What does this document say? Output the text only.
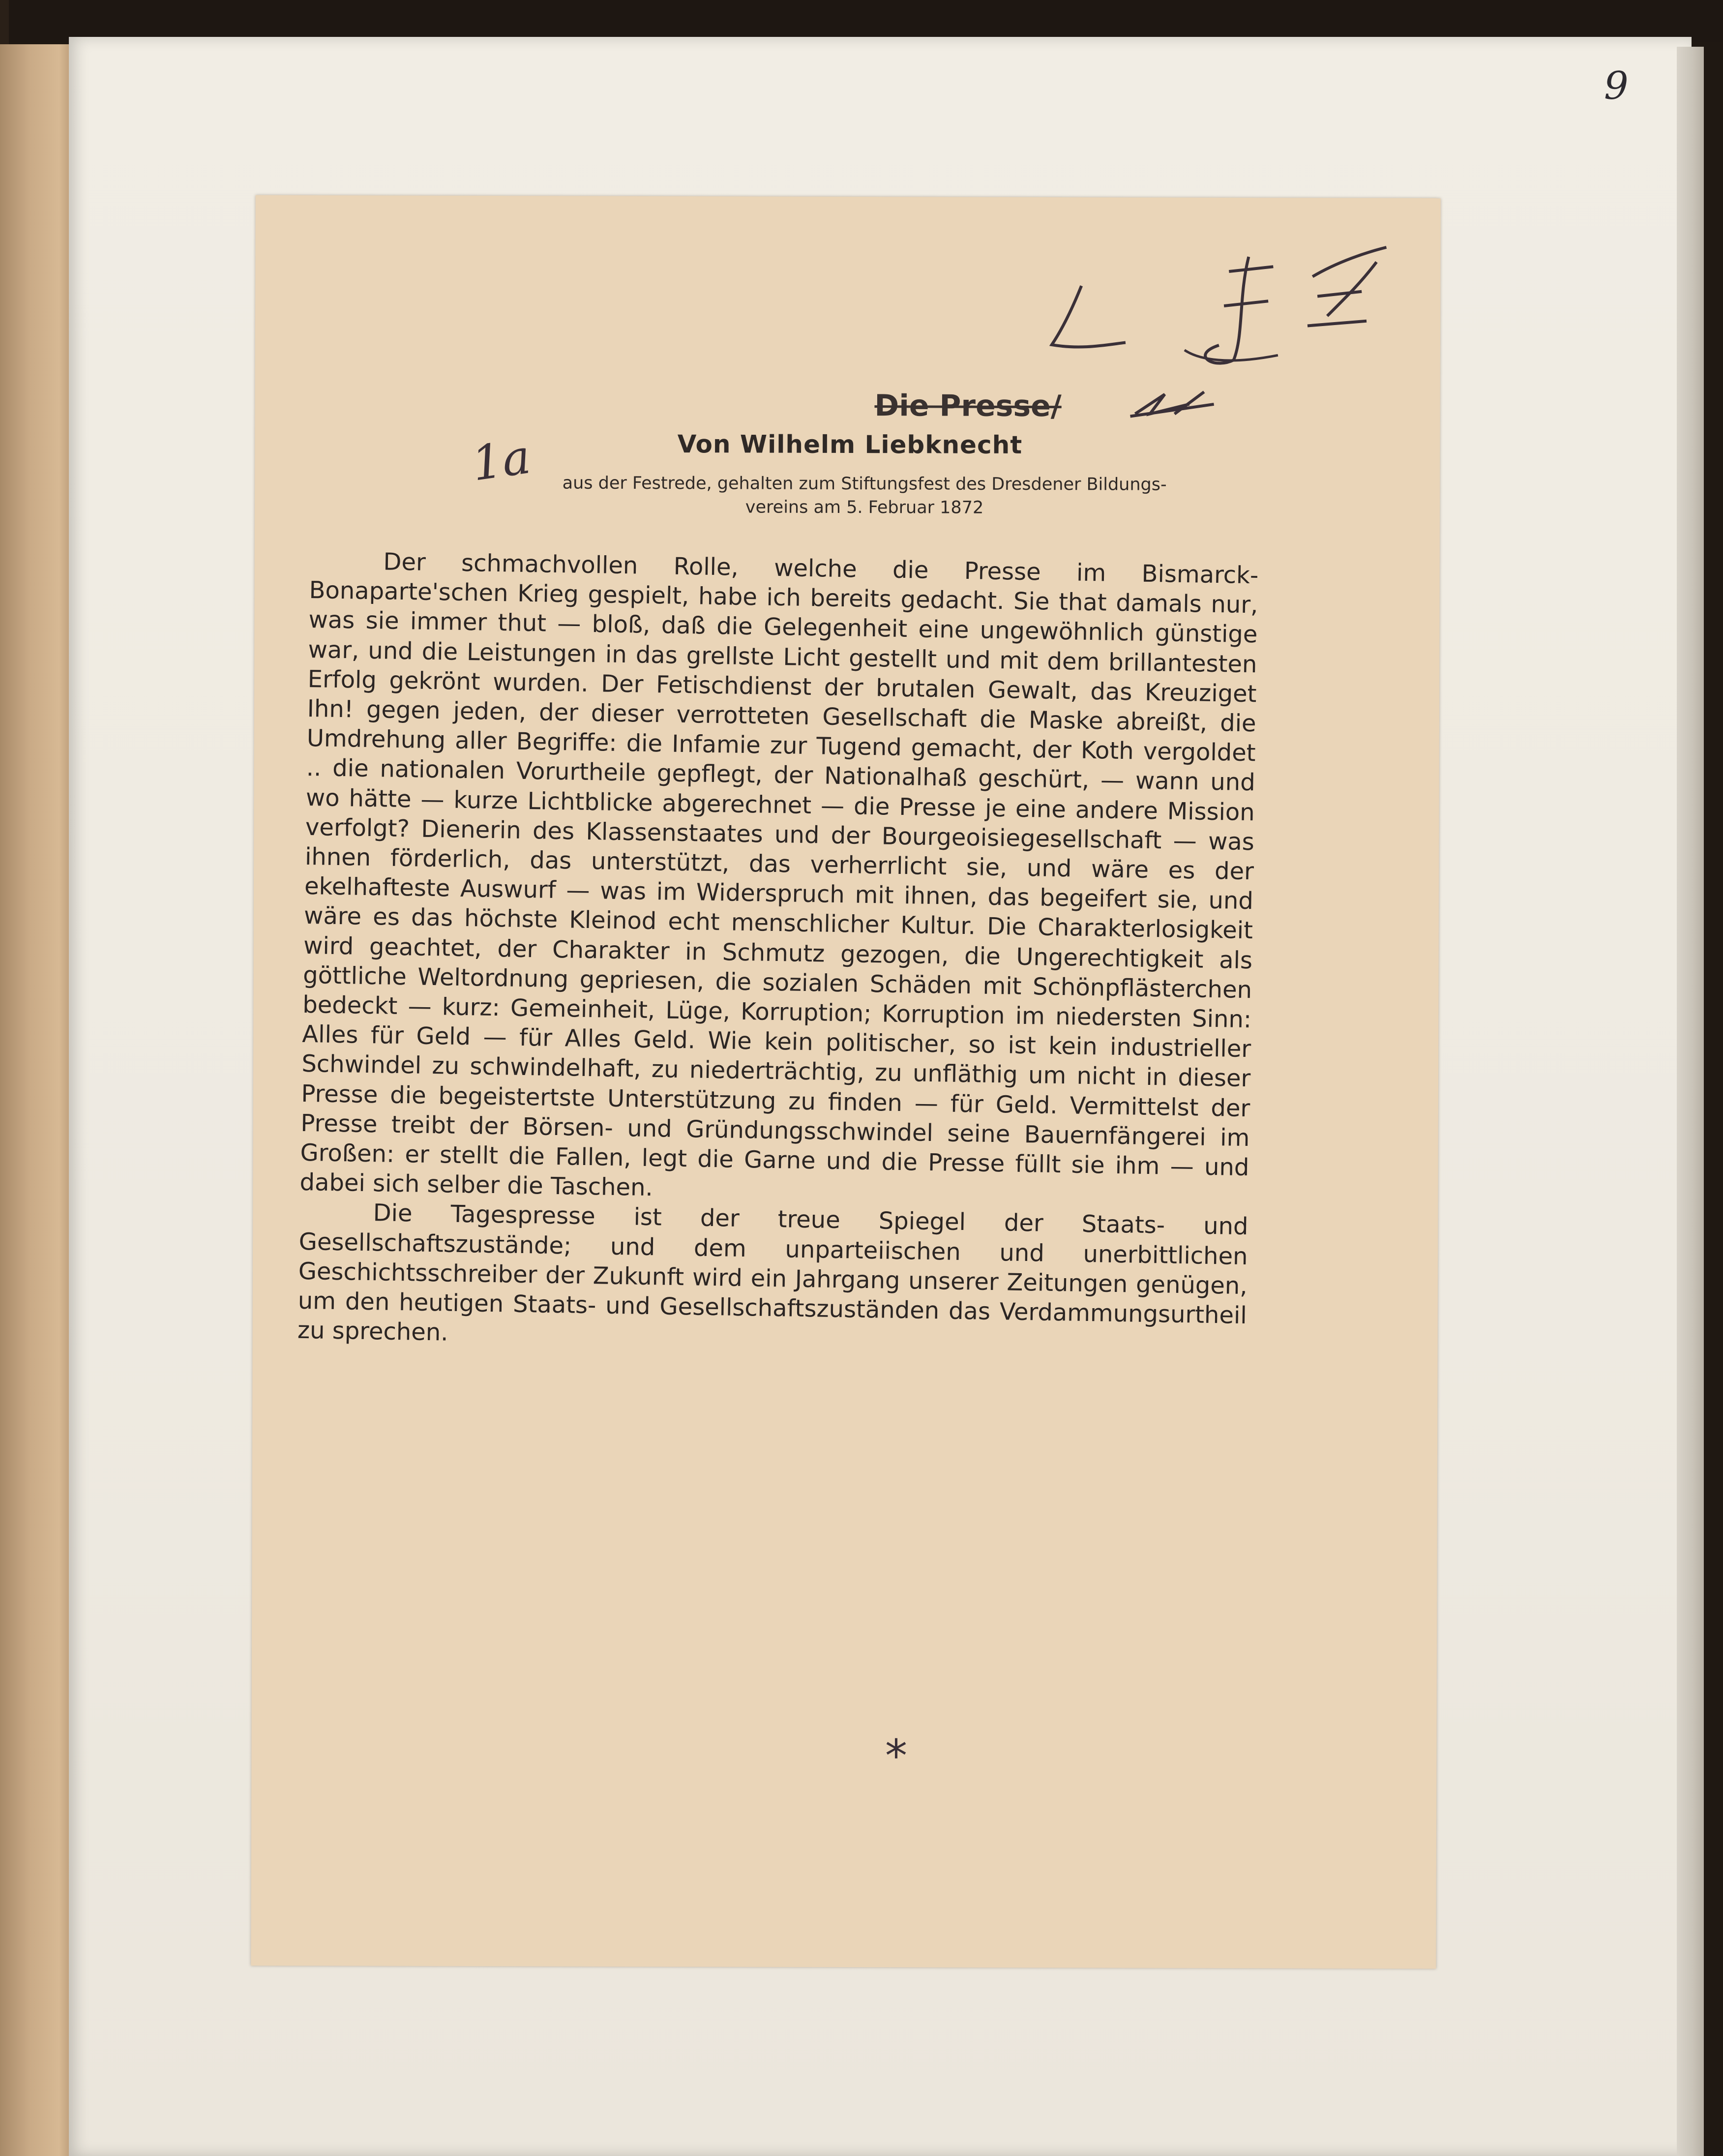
9
Die Presse/
Von Wilhelm Liebknecht
aus der Festrede, gehalten zum Stiftungsfest des Dresdener Bildungs-
vereins am 5. Februar 1872
1a

Der schmachvollen Rolle, welche die Presse im Bismarck-Bonaparte'schen Krieg gespielt, habe ich bereits gedacht. Sie that damals nur, was sie immer thut — bloß, daß die Gelegenheit eine ungewöhnlich günstige war, und die Leistungen in das grellste Licht gestellt und mit dem brillantesten Erfolg gekrönt wurden. Der Fetischdienst der brutalen Gewalt, das Kreuziget Ihn! gegen jeden, der dieser verrotteten Gesellschaft die Maske abreißt, die Umdrehung aller Begriffe: die Infamie zur Tugend gemacht, der Koth vergoldet .. die nationalen Vorurtheile gepflegt, der Nationalhaß geschürt, — wann und wo hätte — kurze Lichtblicke abgerechnet — die Presse je eine andere Mission verfolgt? Dienerin des Klassenstaates und der Bourgeoisiegesellschaft — was ihnen förderlich, das unterstützt, das verherrlicht sie, und wäre es der ekelhafteste Auswurf — was im Widerspruch mit ihnen, das begeifert sie, und wäre es das höchste Kleinod echt menschlicher Kultur. Die Charakterlosigkeit wird geachtet, der Charakter in Schmutz gezogen, die Ungerechtigkeit als göttliche Weltordnung gepriesen, die sozialen Schäden mit Schönpflästerchen bedeckt — kurz: Gemeinheit, Lüge, Korruption; Korruption im niedersten Sinn: Alles für Geld — für Alles Geld. Wie kein politischer, so ist kein industrieller Schwindel zu schwindelhaft, zu niederträchtig, zu unfläthig um nicht in dieser Presse die begeistertste Unterstützung zu finden — für Geld. Vermittelst der Presse treibt der Börsen- und Gründungsschwindel seine Bauernfängerei im Großen: er stellt die Fallen, legt die Garne und die Presse füllt sie ihm — und dabei sich selber die Taschen.

Die Tagespresse ist der treue Spiegel der Staats- und Gesellschaftszustände; und dem unparteiischen und unerbittlichen Geschichtsschreiber der Zukunft wird ein Jahrgang unserer Zeitungen genügen, um den heutigen Staats- und Gesellschaftszuständen das Verdammungsurtheil zu sprechen.

⁎
